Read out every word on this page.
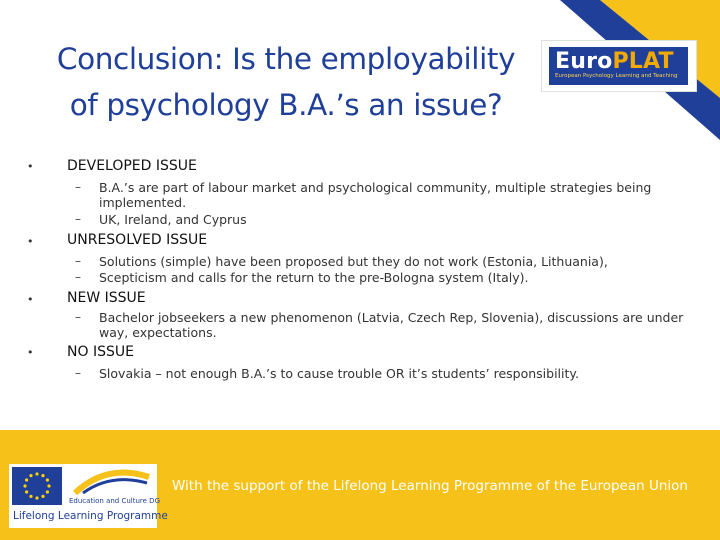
Conclusion: Is the employability
of psychology B.A.’s an issue?
EuroPLAT
European Psychology Learning and Teaching
• DEVELOPED ISSUE
– B.A.’s are part of labour market and psychological community, multiple strategies being implemented.
– UK, Ireland, and Cyprus
• UNRESOLVED ISSUE
– Solutions (simple) have been proposed but they do not work (Estonia, Lithuania),
– Scepticism and calls for the return to the pre-Bologna system (Italy).
• NEW ISSUE
– Bachelor jobseekers a new phenomenon (Latvia, Czech Rep, Slovenia), discussions are under way, expectations.
• NO ISSUE
– Slovakia – not enough B.A.’s to cause trouble OR it’s students’ responsibility.
Education and Culture DG
Lifelong Learning Programme
With the support of the Lifelong Learning Programme of the European Union
